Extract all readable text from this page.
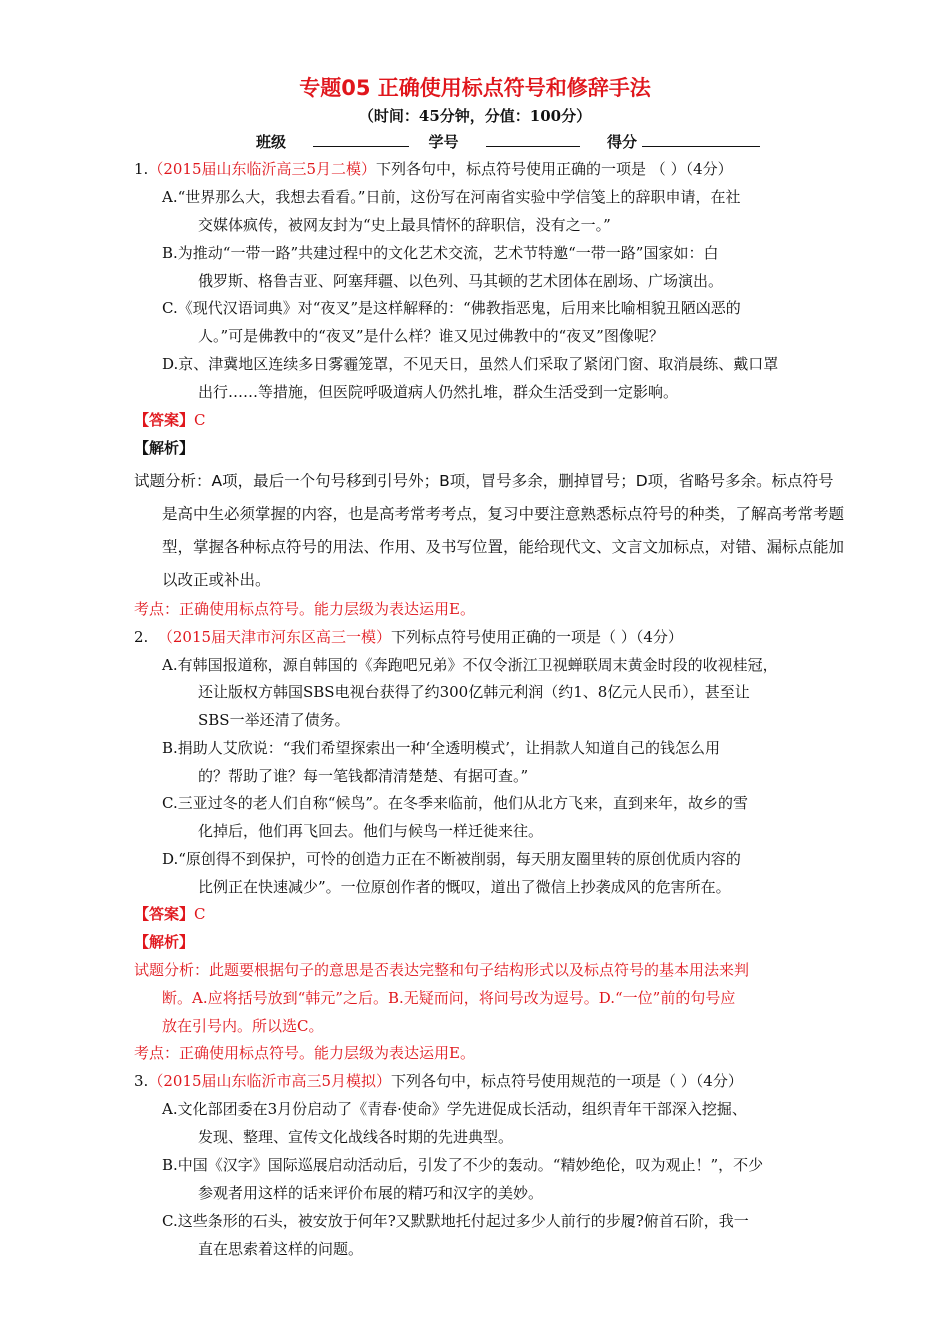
专题05 正确使用标点符号和修辞手法
（时间：45分钟，分值：100分）
班级	学号	得分
1.（2015届山东临沂高三5月二模）下列各句中，标点符号使用正确的一项是 （ ）（4分）
A.“世界那么大，我想去看看。”日前，这份写在河南省实验中学信笺上的辞职申请，在社
交媒体疯传，被网友封为“史上最具情怀的辞职信，没有之一。”
B.为推动“一带一路”共建过程中的文化艺术交流，艺术节特邀“一带一路”国家如：白
俄罗斯、格鲁吉亚、阿塞拜疆、以色列、马其顿的艺术团体在剧场、广场演出。
C.《现代汉语词典》对“夜叉”是这样解释的：“佛教指恶鬼，后用来比喻相貌丑陋凶恶的
人。”可是佛教中的“夜叉”是什么样？谁又见过佛教中的“夜叉”图像呢？
D.京、津冀地区连续多日雾霾笼罩，不见天日，虽然人们采取了紧闭门窗、取消晨练、戴口罩
出行……等措施，但医院呼吸道病人仍然扎堆，群众生活受到一定影响。
【答案】C
【解析】
试题分析：A项，最后一个句号移到引号外；B项，冒号多余，删掉冒号；D项，省略号多余。标点符号
是高中生必须掌握的内容，也是高考常考考点，复习中要注意熟悉标点符号的种类，了解高考常考题
型，掌握各种标点符号的用法、作用、及书写位置，能给现代文、文言文加标点，对错、漏标点能加
以改正或补出。
考点：正确使用标点符号。能力层级为表达运用E。
2. （2015届天津市河东区高三一模）下列标点符号使用正确的一项是（ ）（4分）
A.有韩国报道称，源自韩国的《奔跑吧兄弟》不仅令浙江卫视蝉联周末黄金时段的收视桂冠，
还让版权方韩国SBS电视台获得了约300亿韩元利润（约1、8亿元人民币），甚至让
SBS一举还清了债务。
B.捐助人艾欣说：“我们希望探索出一种‘全透明模式’，让捐款人知道自己的钱怎么用
的？帮助了谁？每一笔钱都清清楚楚、有据可查。”
C.三亚过冬的老人们自称“候鸟”。在冬季来临前，他们从北方飞来，直到来年，故乡的雪
化掉后，他们再飞回去。他们与候鸟一样迁徙来往。
D.“原创得不到保护，可怜的创造力正在不断被削弱，每天朋友圈里转的原创优质内容的
比例正在快速减少”。一位原创作者的慨叹，道出了微信上抄袭成风的危害所在。
【答案】C
【解析】
试题分析：此题要根据句子的意思是否表达完整和句子结构形式以及标点符号的基本用法来判
断。A.应将括号放到“韩元”之后。B.无疑而问，将问号改为逗号。D.“一位”前的句号应
放在引号内。所以选C。
考点：正确使用标点符号。能力层级为表达运用E。
3.（2015届山东临沂市高三5月模拟）下列各句中，标点符号使用规范的一项是（ ）（4分）
A.文化部团委在3月份启动了《青春·使命》学先进促成长活动，组织青年干部深入挖掘、
发现、整理、宣传文化战线各时期的先进典型。
B.中国《汉字》国际巡展启动活动后，引发了不少的轰动。“精妙绝伦，叹为观止！”，不少
参观者用这样的话来评价布展的精巧和汉字的美妙。
C.这些条形的石头，被安放于何年?又默默地托付起过多少人前行的步履?俯首石阶，我一
直在思索着这样的问题。
